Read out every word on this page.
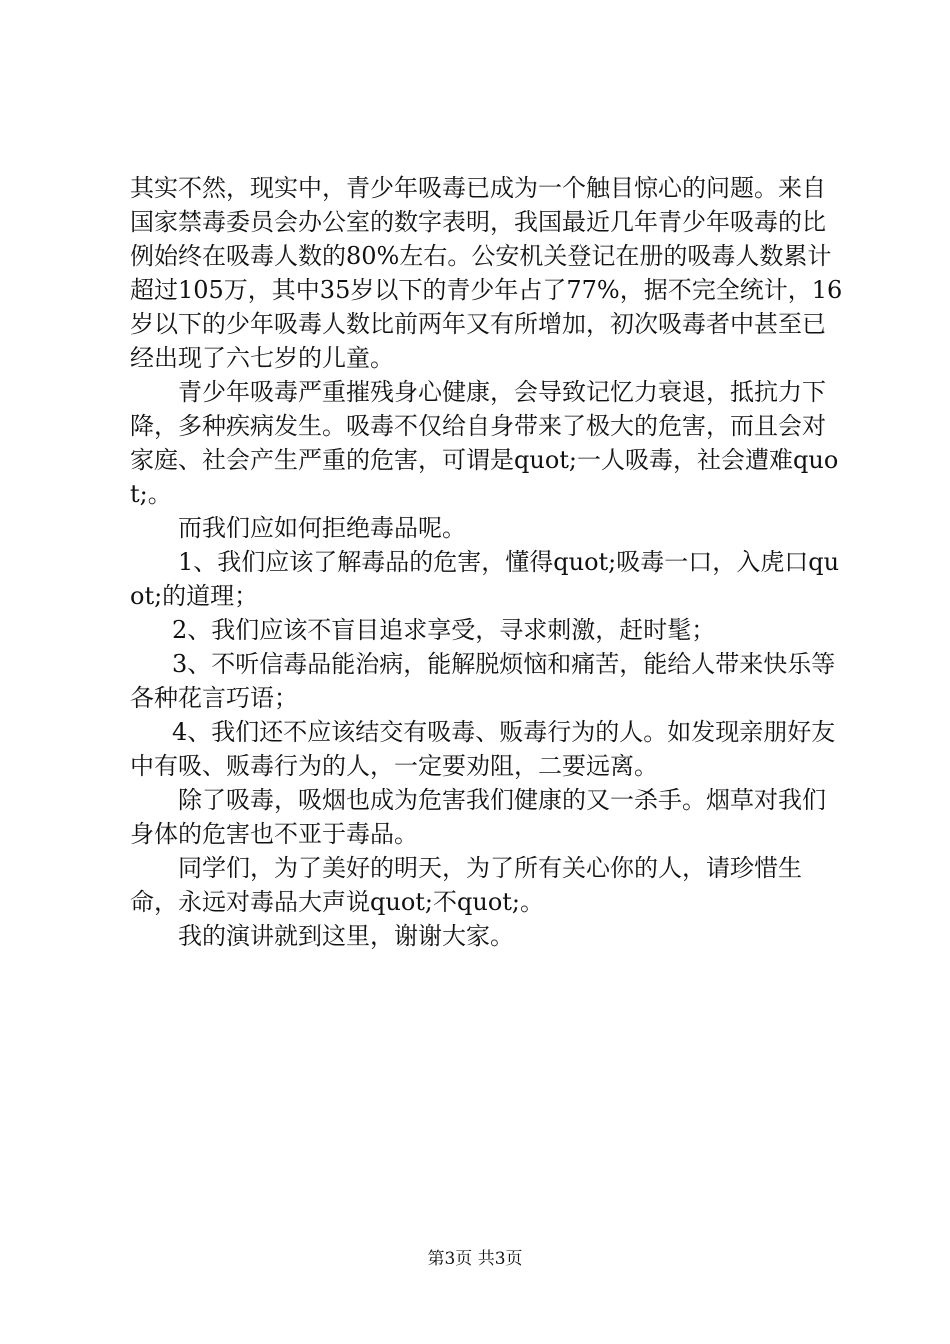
其实不然，现实中，青少年吸毒已成为一个触目惊心的问题。来自国家禁毒委员会办公室的数字表明，我国最近几年青少年吸毒的比例始终在吸毒人数的80%左右。公安机关登记在册的吸毒人数累计超过105万，其中35岁以下的青少年占了77%，据不完全统计，16岁以下的少年吸毒人数比前两年又有所增加，初次吸毒者中甚至已经出现了六七岁的儿童。

青少年吸毒严重摧残身心健康，会导致记忆力衰退，抵抗力下降，多种疾病发生。吸毒不仅给自身带来了极大的危害，而且会对家庭、社会产生严重的危害，可谓是quot;一人吸毒，社会遭难quot;。

而我们应如何拒绝毒品呢。

1、我们应该了解毒品的危害，懂得quot;吸毒一口，入虎口quot;的道理；

2、我们应该不盲目追求享受，寻求刺激，赶时髦；

3、不听信毒品能治病，能解脱烦恼和痛苦，能给人带来快乐等各种花言巧语；

4、我们还不应该结交有吸毒、贩毒行为的人。如发现亲朋好友中有吸、贩毒行为的人，一定要劝阻，二要远离。

除了吸毒，吸烟也成为危害我们健康的又一杀手。烟草对我们身体的危害也不亚于毒品。

同学们，为了美好的明天，为了所有关心你的人，请珍惜生命，永远对毒品大声说quot;不quot;。

我的演讲就到这里，谢谢大家。

第3页 共3页
